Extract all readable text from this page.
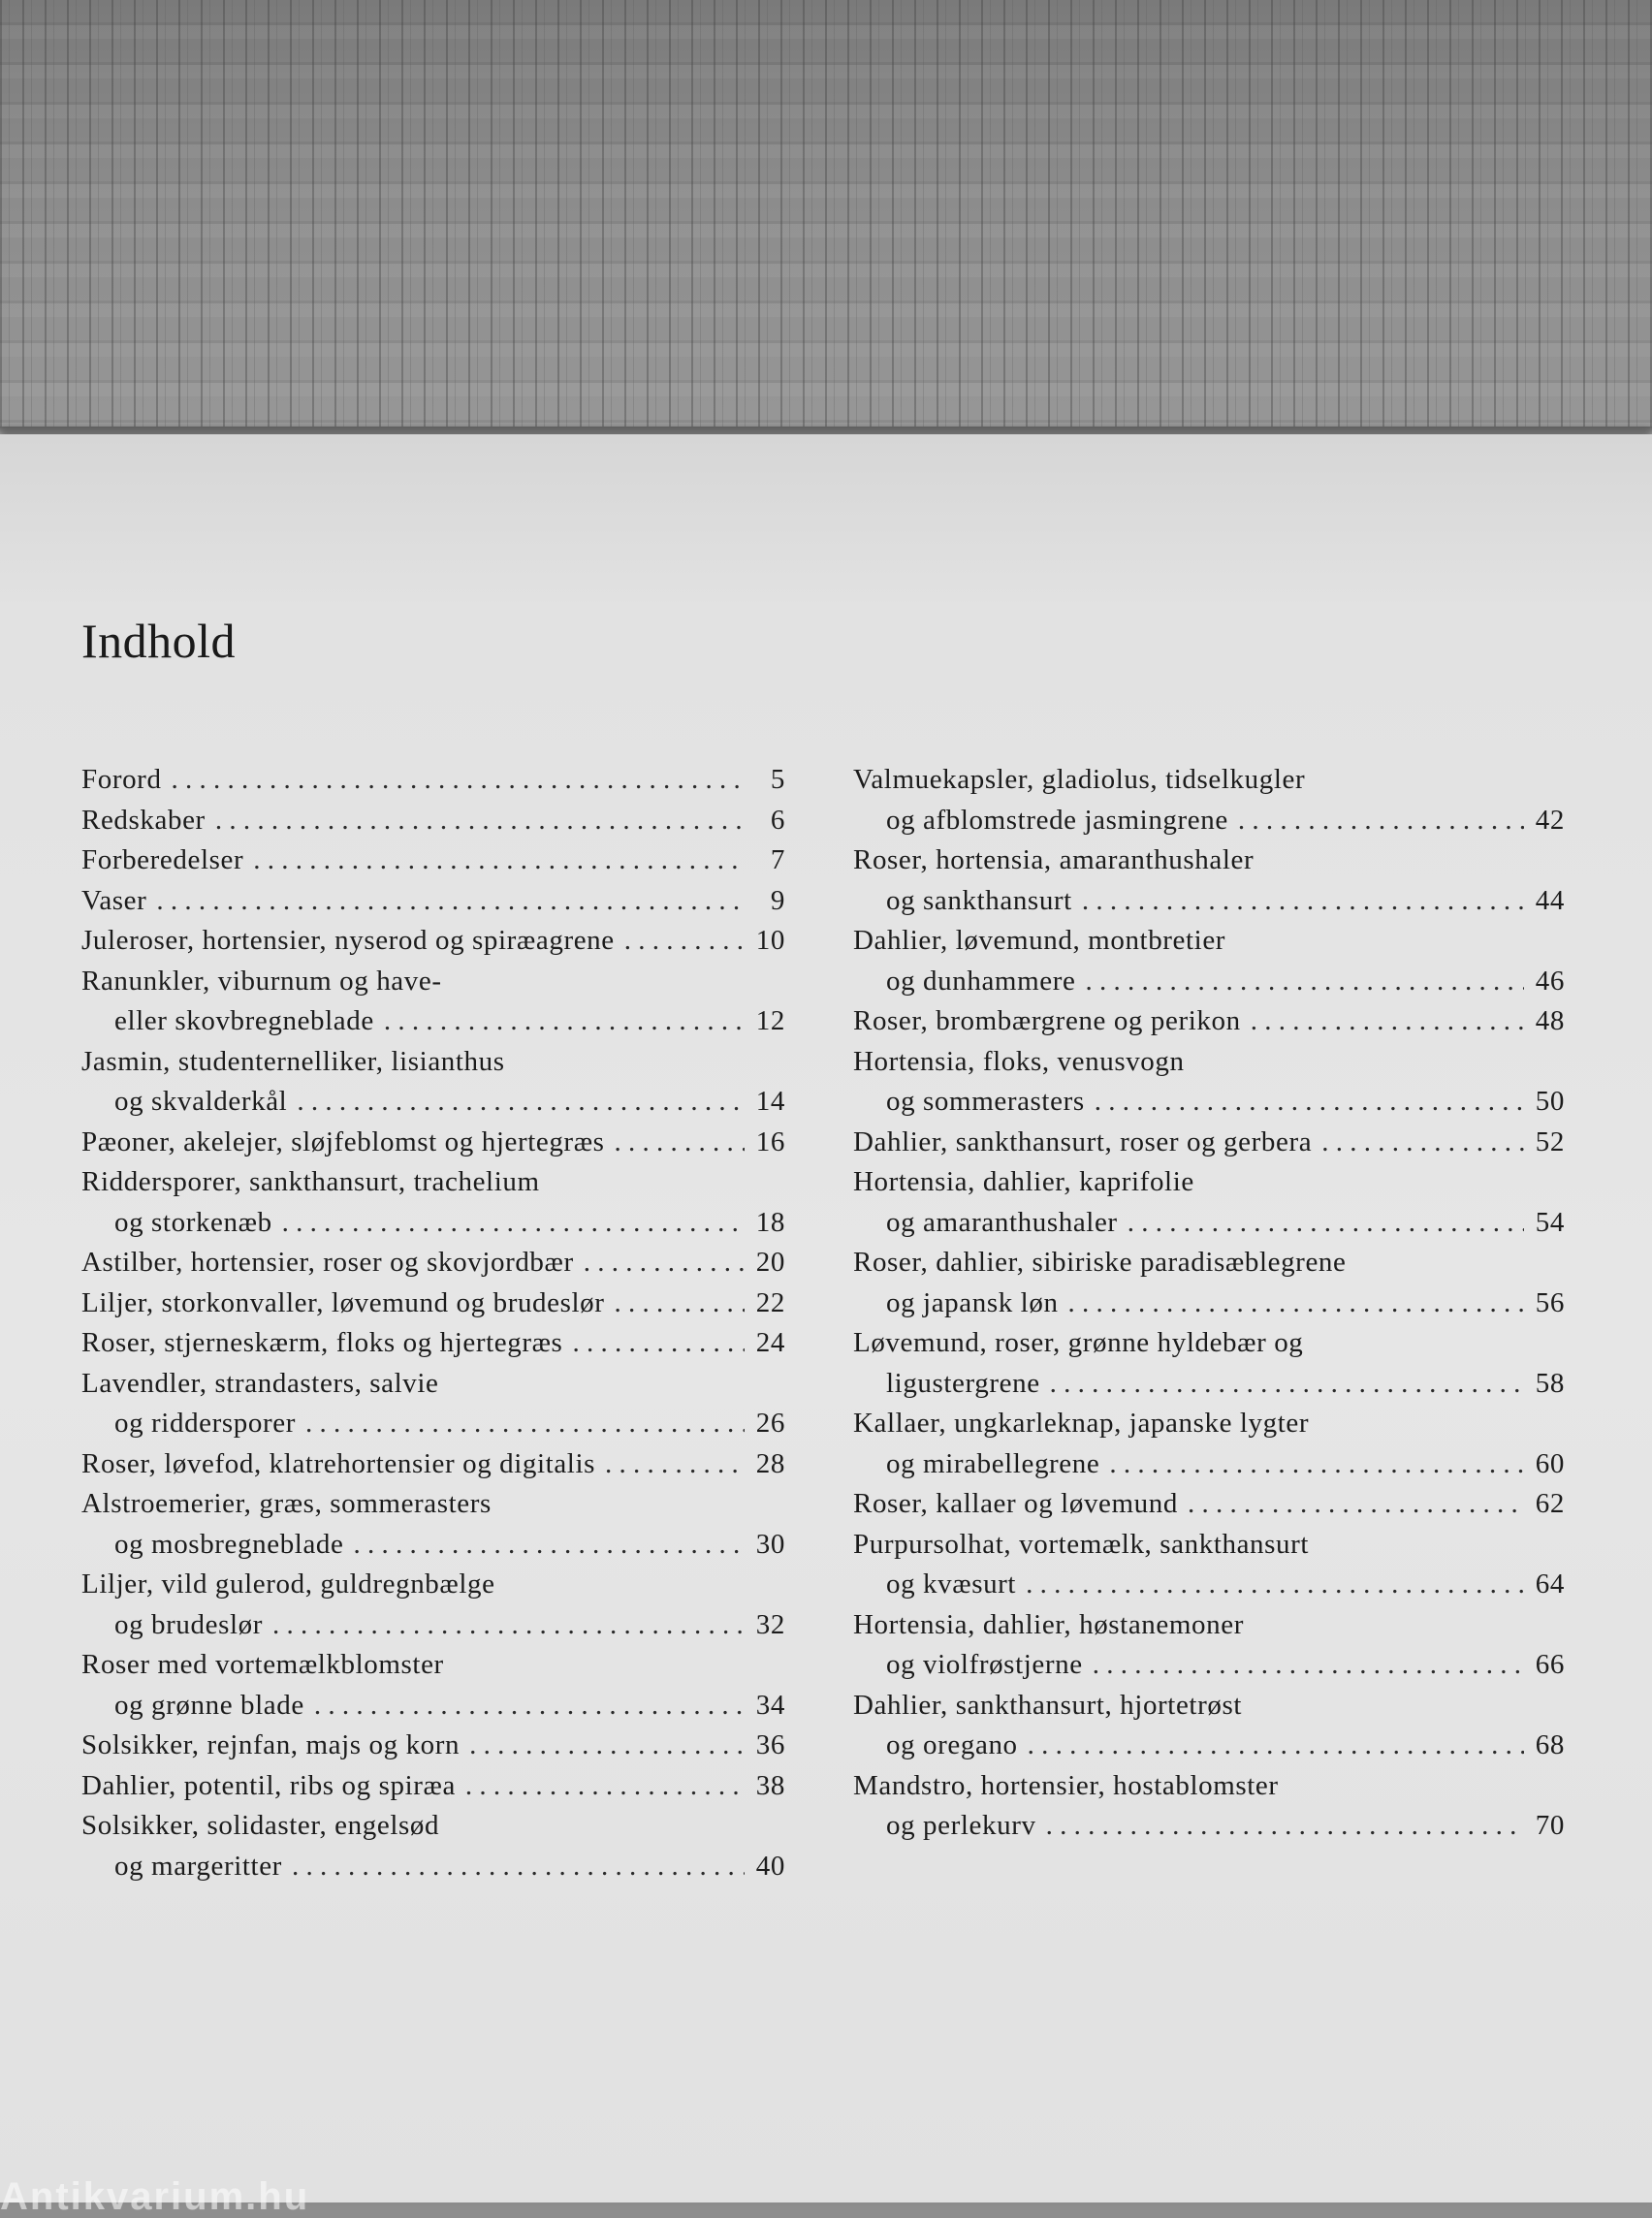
Indhold
Forord . . .	5
Redskaber . . .	6
Forberedelser . . .	7
Vaser . . .	9
Juleroser, hortensier, nyserod og spiræagrene . . .	10
Ranunkler, viburnum og have-
eller skovbregneblade . . .	12
Jasmin, studenternelliker, lisianthus
og skvalderkål . . .	14
Pæoner, akelejer, sløjfeblomst og hjertegræs . . .	16
Riddersporer, sankthansurt, trachelium
og storkenæb . . .	18
Astilber, hortensier, roser og skovjordbær . . .	20
Liljer, storkonvaller, løvemund og brudeslør . . .	22
Roser, stjerneskærm, floks og hjertegræs . . .	24
Lavendler, strandasters, salvie
og riddersporer . . .	26
Roser, løvefod, klatrehortensier og digitalis . . .	28
Alstroemerier, græs, sommerasters
og mosbregneblade . . .	30
Liljer, vild gulerod, guldregnbælge
og brudeslør . . .	32
Roser med vortemælkblomster
og grønne blade . . .	34
Solsikker, rejnfan, majs og korn . . .	36
Dahlier, potentil, ribs og spiræa . . .	38
Solsikker, solidaster, engelsød
og margeritter . . .	40
Valmuekapsler, gladiolus, tidselkugler
og afblomstrede jasmingrene . . .	42
Roser, hortensia, amaranthushaler
og sankthansurt . . .	44
Dahlier, løvemund, montbretier
og dunhammere . . .	46
Roser, brombærgrene og perikon . . .	48
Hortensia, floks, venusvogn
og sommerasters . . .	50
Dahlier, sankthansurt, roser og gerbera . . .	52
Hortensia, dahlier, kaprifolie
og amaranthushaler . . .	54
Roser, dahlier, sibiriske paradisæblegrene
og japansk løn . . .	56
Løvemund, roser, grønne hyldebær og
ligustergrene . . .	58
Kallaer, ungkarleknap, japanske lygter
og mirabellegrene . . .	60
Roser, kallaer og løvemund . . .	62
Purpursolhat, vortemælk, sankthansurt
og kvæsurt . . .	64
Hortensia, dahlier, høstanemoner
og violfrøstjerne . . .	66
Dahlier, sankthansurt, hjortetrøst
og oregano . . .	68
Mandstro, hortensier, hostablomster
og perlekurv . . .	70
Antikvarium.hu
